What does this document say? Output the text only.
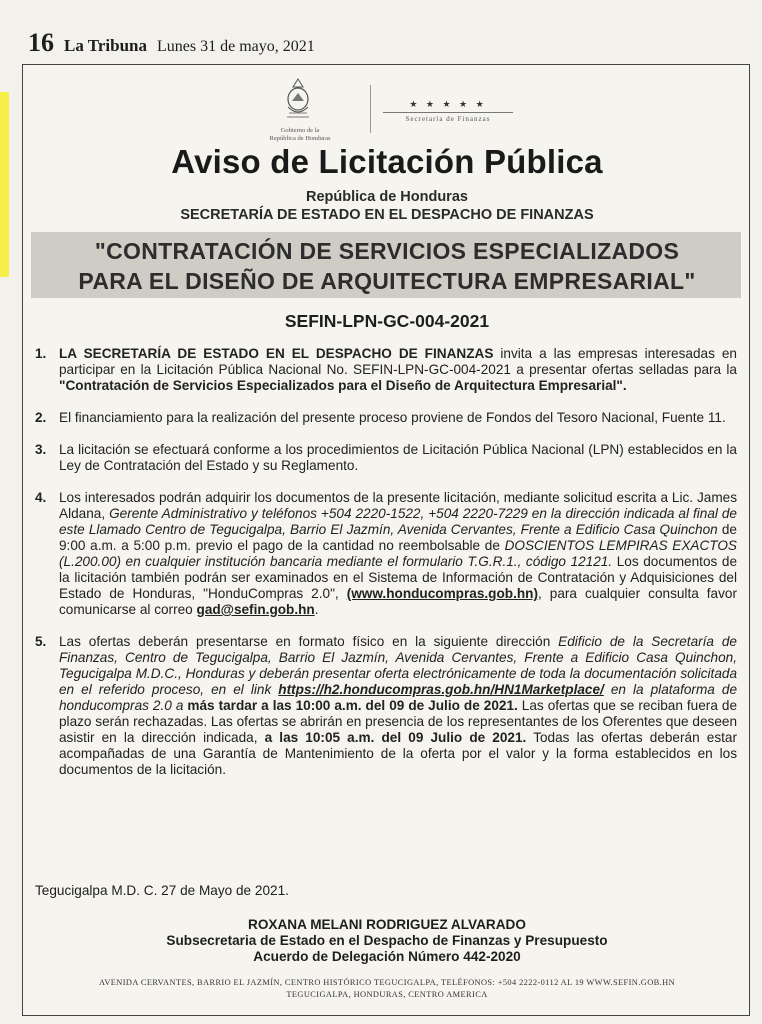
16 La Tribuna Lunes 31 de mayo, 2021
Gobierno de la
República de Honduras
★ ★ ★ ★ ★
Secretaría de Finanzas
Aviso de Licitación Pública
República de Honduras
SECRETARÍA DE ESTADO EN EL DESPACHO DE FINANZAS
"CONTRATACIÓN DE SERVICIOS ESPECIALIZADOS
PARA EL DISEÑO DE ARQUITECTURA EMPRESARIAL"
SEFIN-LPN-GC-004-2021
1. LA SECRETARÍA DE ESTADO EN EL DESPACHO DE FINANZAS invita a las empresas interesadas en participar en la Licitación Pública Nacional No. SEFIN-LPN-GC-004-2021 a presentar ofertas selladas para la "Contratación de Servicios Especializados para el Diseño de Arquitectura Empresarial".
2. El financiamiento para la realización del presente proceso proviene de Fondos del Tesoro Nacional, Fuente 11.
3. La licitación se efectuará conforme a los procedimientos de Licitación Pública Nacional (LPN) establecidos en la Ley de Contratación del Estado y su Reglamento.
4. Los interesados podrán adquirir los documentos de la presente licitación, mediante solicitud escrita a Lic. James Aldana, Gerente Administrativo y teléfonos +504 2220-1522, +504 2220-7229 en la dirección indicada al final de este Llamado Centro de Tegucigalpa, Barrio El Jazmín, Avenida Cervantes, Frente a Edificio Casa Quinchon de 9:00 a.m. a 5:00 p.m. previo el pago de la cantidad no reembolsable de DOSCIENTOS LEMPIRAS EXACTOS (L.200.00) en cualquier institución bancaria mediante el formulario T.G.R.1., código 12121. Los documentos de la licitación también podrán ser examinados en el Sistema de Información de Contratación y Adquisiciones del Estado de Honduras, "HonduCompras 2.0", (www.honducompras.gob.hn), para cualquier consulta favor comunicarse al correo gad@sefin.gob.hn.
5. Las ofertas deberán presentarse en formato físico en la siguiente dirección Edificio de la Secretaría de Finanzas, Centro de Tegucigalpa, Barrio El Jazmín, Avenida Cervantes, Frente a Edificio Casa Quinchon, Tegucigalpa M.D.C., Honduras y deberán presentar oferta electrónicamente de toda la documentación solicitada en el referido proceso, en el link https://h2.honducompras.gob.hn/HN1Marketplace/ en la plataforma de honducompras 2.0 a más tardar a las 10:00 a.m. del 09 de Julio de 2021. Las ofertas que se reciban fuera de plazo serán rechazadas. Las ofertas se abrirán en presencia de los representantes de los Oferentes que deseen asistir en la dirección indicada, a las 10:05 a.m. del 09 Julio de 2021. Todas las ofertas deberán estar acompañadas de una Garantía de Mantenimiento de la oferta por el valor y la forma establecidos en los documentos de la licitación.
Tegucigalpa M.D. C. 27 de Mayo de 2021.
ROXANA MELANI RODRIGUEZ ALVARADO
Subsecretaria de Estado en el Despacho de Finanzas y Presupuesto
Acuerdo de Delegación Número 442-2020
AVENIDA CERVANTES, BARRIO EL JAZMÍN, CENTRO HISTÓRICO TEGUCIGALPA, TELÉFONOS: +504 2222-0112 AL 19 WWW.SEFIN.GOB.HN
TEGUCIGALPA, HONDURAS, CENTRO AMERICA
